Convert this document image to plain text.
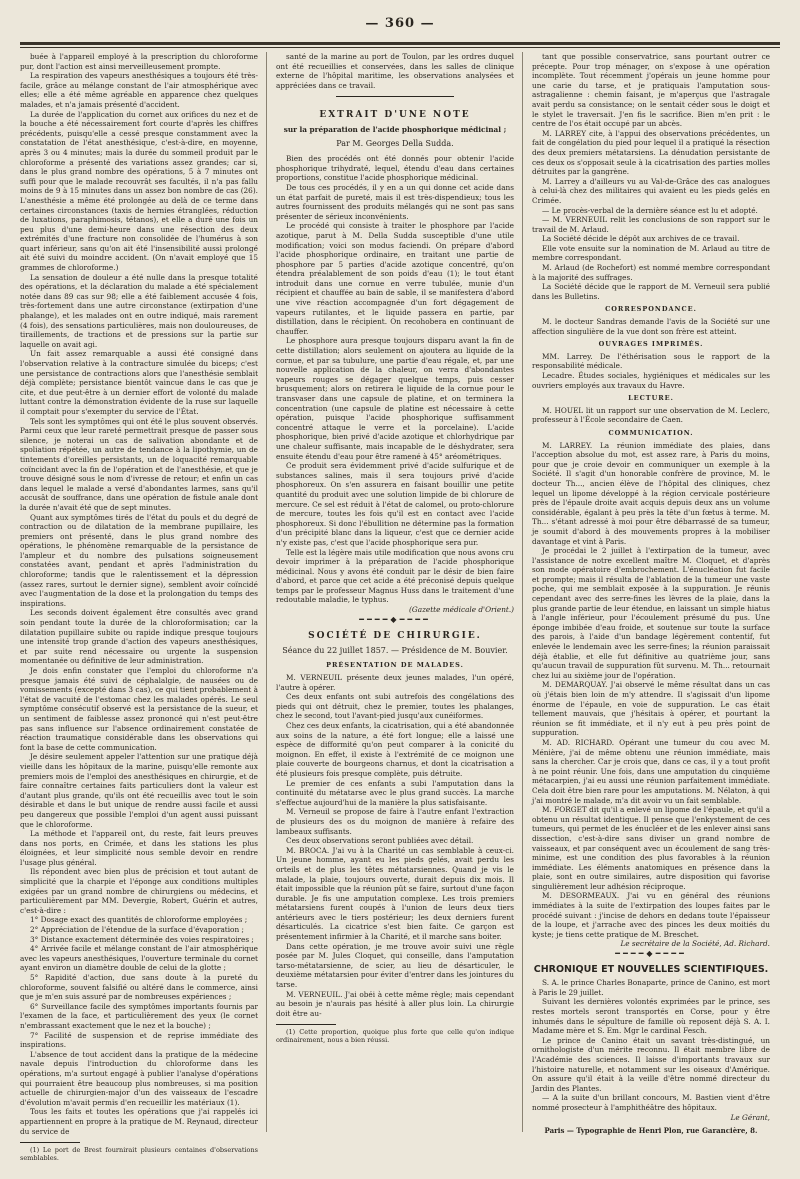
— 360 —

buée à l'appareil employé à la prescription du chloroforme pur, dont l'action est ainsi merveilleusement prompte.

La respiration des vapeurs anesthésiques a toujours été très-facile, grâce au mélange constant de l'air atmosphérique avec elles; elle a été même agréable en apparence chez quelques malades, et n'a jamais présenté d'accident.

La durée de l'application du cornet aux orifices du nez et de la bouche a été nécessairement fort courte d'après les chiffres précédents, puisqu'elle a cessé presque constamment avec la constatation de l'état anesthésique, c'est-à-dire, en moyenne, après 3 ou 4 minutes; mais la durée du sommeil produit par le chloroforme a présenté des variations assez grandes; car si, dans le plus grand nombre des opérations, 5 à 7 minutes ont suffi pour que le malade recouvrât ses facultés, il n'a pas fallu moins de 9 à 15 minutes dans un assez bon nombre de cas (26). L'anesthésie a même été prolongée au delà de ce terme dans certaines circonstances (taxis de hernies étranglées, réduction de luxations, paraphimosis, tétanos), et elle a duré une fois un peu plus d'une demi-heure dans une résection des deux extrémités d'une fracture non consolidée de l'humérus à son quart inférieur, sans qu'on ait été l'insensibilité aussi prolongé ait été suivi du moindre accident. (On n'avait employé que 15 grammes de chloroforme.)

La sensation de douleur a été nulle dans la presque totalité des opérations, et la déclaration du malade a été spécialement notée dans 89 cas sur 98; elle a été faiblement accusée 4 fois, très-fortement dans une autre circonstance (extirpation d'une phalange), et les malades ont en outre indiqué, mais rarement (4 fois), des sensations particulières, mais non douloureuses, de tiraillements, de tractions et de pressions sur la partie sur laquelle on avait agi.

Un fait assez remarquable a aussi été consigné dans l'observation relative à la contracture simulée du biceps; c'est une persistance de contractions alors que l'anesthésie semblait déjà complète; persistance bientôt vaincue dans le cas que je cite, et due peut-être à un dernier effort de volonté du malade luttant contre la démonstration évidente de la ruse sur laquelle il comptait pour s'exempter du service de l'État.

Tels sont les symptômes qui ont été le plus souvent observés. Parmi ceux que leur rareté permettrait presque de passer sous silence, je noterai un cas de salivation abondante et de spoliation répétée, un autre de tendance à la lipothymie, un de tintements d'oreilles persistants, un de loquacité remarquable coïncidant avec la fin de l'opération et de l'anesthésie, et que je trouve désigné sous le nom d'ivresse de retour; et enfin un cas dans lequel le malade a versé d'abondantes larmes, sans qu'il accusât de souffrance, dans une opération de fistule anale dont la durée n'avait été que de sept minutes.

Quant aux symptômes tirés de l'état du pouls et du degré de contraction ou de dilatation de la membrane pupillaire, les premiers ont présenté, dans le plus grand nombre des opérations, le phénomène remarquable de la persistance de l'ampleur et du nombre des pulsations soigneusement constatées avant, pendant et après l'administration du chloroforme; tandis que le ralentissement et la dépression (assez rares, surtout le dernier signe), semblent avoir coïncidé avec l'augmentation de la dose et la prolongation du temps des inspirations.

Les seconds doivent également être consultés avec grand soin pendant toute la durée de la chloroformisation; car la dilatation pupillaire subite ou rapide indique presque toujours une intensité trop grande d'action des vapeurs anesthésiques, et par suite rend nécessaire ou urgente la suspension momentanée ou définitive de leur administration.

Je dois enfin constater que l'emploi du chloroforme n'a presque jamais été suivi de céphalalgie, de nausées ou de vomissements (excepté dans 3 cas), ce qui tient probablement à l'état de vacuité de l'estomac chez les malades opérés. Le seul symptôme consécutif observé est la persistance de la sueur, et un sentiment de faiblesse assez prononcé qui n'est peut-être pas sans influence sur l'absence ordinairement constatée de réaction traumatique considérable dans les observations qui font la base de cette communication.

Je désire seulement appeler l'attention sur une pratique déjà vieille dans les hôpitaux de la marine, puisqu'elle remonte aux premiers mois de l'emploi des anesthésiques en chirurgie, et de faire connaître certaines faits particuliers dont la valeur est d'autant plus grande, qu'ils ont été recueillis avec tout le soin désirable et dans le but unique de rendre aussi facile et aussi peu dangereux que possible l'emploi d'un agent aussi puissant que le chloroforme.

La méthode et l'appareil ont, du reste, fait leurs preuves dans nos ports, en Crimée, et dans les stations les plus éloignées, et leur simplicité nous semble devoir en rendre l'usage plus général.

Ils répondent avec bien plus de précision et tout autant de simplicité que la charpie et l'éponge aux conditions multiples exigées par un grand nombre de chirurgiens ou médecins, et particulièrement par MM. Devergie, Robert, Guérin et autres, c'est-à-dire :

1° Dosage exact des quantités de chloroforme employées ;

2° Appréciation de l'étendue de la surface d'évaporation ;

3° Distance exactement déterminée des voies respiratoires ;

4° Arrivée facile et mélange constant de l'air atmosphérique avec les vapeurs anesthésiques, l'ouverture terminale du cornet ayant environ un diamètre double de celui de la glotte ;

5° Rapidité d'action, due sans doute à la pureté du chloroforme, souvent falsifié ou altéré dans le commerce, ainsi que je m'en suis assuré par de nombreuses expériences ;

6° Surveillance facile des symptômes importants fournis par l'examen de la face, et particulièrement des yeux (le cornet n'embrassant exactement que le nez et la bouche) ;

7° Facilité de suspension et de reprise immédiate des inspirations.

L'absence de tout accident dans la pratique de la médecine navale depuis l'introduction du chloroforme dans les opérations, m'a surtout engagé à publier l'analyse d'opérations qui pourraient être beaucoup plus nombreuses, si ma position actuelle de chirurgien-major d'un des vaisseaux de l'escadre d'évolution m'avait permis d'en recueillir les matériaux (1).

Tous les faits et toutes les opérations que j'ai rappelés ici appartiennent en propre à la pratique de M. Reynaud, directeur du service de

(1) Le port de Brest fournirait plusieurs centaines d'observations semblables.

santé de la marine au port de Toulon, par les ordres duquel ont été recueillies et conservées, dans les salles de clinique externe de l'hôpital maritime, les observations analysées et appréciées dans ce travail.

EXTRAIT D'UNE NOTE
sur la préparation de l'acide phosphorique médicinal ;
Par M. Georges Della Sudda.

Bien des procédés ont été donnés pour obtenir l'acide phosphorique trihydraté, lequel, étendu d'eau dans certaines proportions, constitue l'acide phosphorique médicinal.

De tous ces procédés, il y en a un qui donne cet acide dans un état parfait de pureté, mais il est très-dispendieux; tous les autres fournissent des produits mélangés qui ne sont pas sans présenter de sérieux inconvénients.

Le procédé qui consiste à traiter le phosphore par l'acide azotique, parut à M. Della Sudda susceptible d'une utile modification; voici son modus faciendi. On prépare d'abord l'acide phosphorique ordinaire, en traitant une partie de phosphore par 5 parties d'acide azotique concentré, qu'on étendra préalablement de son poids d'eau (1); le tout étant introduit dans une cornue en verre tubulée, munie d'un récipient et chauffée au bain de sable, il se manifestera d'abord une vive réaction accompagnée d'un fort dégagement de vapeurs rutilantes, et le liquide passera en partie, par distillation, dans le récipient. On recohobera en continuant de chauffer.

Le phosphore aura presque toujours disparu avant la fin de cette distillation; alors seulement on ajoutera au liquide de la cornue, et par sa tubulure, une partie d'eau régale, et, par une nouvelle application de la chaleur, on verra d'abondantes vapeurs rouges se dégager quelque temps, puis cesser brusquement; alors on retirera le liquide de la cornue pour le transvaser dans une capsule de platine, et on terminera la concentration (une capsule de platine est nécessaire à cette opération, puisque l'acide phosphorique suffisamment concentré attaque le verre et la porcelaine). L'acide phosphorique, bien privé d'acide azotique et chlorhydrique par une chaleur suffisante, mais incapable de le déshydrater, sera ensuite étendu d'eau pour être ramené à 45° aréométriques.

Ce produit sera évidemment privé d'acide sulfurique et de substances salines, mais il sera toujours privé d'acide phosphoreux. On s'en assurera en faisant bouillir une petite quantité du produit avec une solution limpide de bi chlorure de mercure. Ce sel est réduit à l'état de calomel, ou proto-chlorure de mercure, toutes les fois qu'il est en contact avec l'acide phosphoreux. Si donc l'ébullition ne détermine pas la formation d'un précipité blanc dans la liqueur, c'est que ce dernier acide n'y existe pas, c'est que l'acide phosphorique sera pur.

Telle est la légère mais utile modification que nous avons cru devoir imprimer à la préparation de l'acide phosphorique médicinal. Nous y avons été conduit par le désir de bien faire d'abord, et parce que cet acide a été préconisé depuis quelque temps par le professeur Magnus Huss dans le traitement d'une redoutable maladie, le typhus.

(Gazette médicale d'Orient.)

━━━━◆━━━━
SOCIÉTÉ DE CHIRURGIE.
Séance du 22 juillet 1857. — Présidence de M. Bouvier.
PRÉSENTATION DE MALADES.

M. VERNEUIL présente deux jeunes malades, l'un opéré, l'autre à opérer.

Ces deux enfants ont subi autrefois des congélations des pieds qui ont détruit, chez le premier, toutes les phalanges, chez le second, tout l'avant-pied jusqu'aux cunéiformes.

Chez ces deux enfants, la cicatrisation, qui a été abandonnée aux soins de la nature, a été fort longue; elle a laissé une espèce de difformité qu'on peut comparer à la conicité du moignon. En effet, il existe à l'extrémité de ce moignon une plaie couverte de bourgeons charnus, et dont la cicatrisation a été plusieurs fois presque complète, puis détruite.

Le premier de ces enfants a subi l'amputation dans la continuité du métatarse avec le plus grand succès. La marche s'effectue aujourd'hui de la manière la plus satisfaisante.

M. Verneuil se propose de faire à l'autre enfant l'extraction de plusieurs des os du moignon de manière à refaire des lambeaux suffisants.

Ces deux observations seront publiées avec détail.

M. BROCA. J'ai vu à la Charité un cas semblable à ceux-ci. Un jeune homme, ayant eu les pieds gelés, avait perdu les orteils et de plus les têtes métatarsiennes. Quand je vis le malade, la plaie, toujours ouverte, durait depuis dix mois. Il était impossible que la réunion pût se faire, surtout d'une façon durable. Je fis une amputation complexe. Les trois premiers métatarsiens furent coupés à l'union de leurs deux tiers antérieurs avec le tiers postérieur; les deux derniers furent désarticulés. La cicatrice s'est bien faite. Ce garçon est présentement infirmier à la Charité, et il marche sans boiter.

Dans cette opération, je me trouve avoir suivi une règle posée par M. Jules Cloquet, qui conseille, dans l'amputation tarso-métatarsienne, de scier, au lieu de désarticuler, le deuxième métatarsien pour éviter d'entrer dans les jointures du tarse.

M. VERNEUIL. J'ai obéi à cette même règle; mais cependant au besoin je n'aurais pas hésité à aller plus loin. La chirurgie doit être au-

(1) Cette proportion, quoique plus forte que celle qu'on indique ordinairement, nous a bien réussi.

tant que possible conservatrice, sans pourtant outrer ce précepte. Pour trop ménager, on s'expose à une opération incomplète. Tout récemment j'opérais un jeune homme pour une carie du tarse, et je pratiquais l'amputation sous-astragalienne : chemin faisant, je m'aperçus que l'astragale avait perdu sa consistance; on le sentait céder sous le doigt et le stylet le traversait. J'en fis le sacrifice. Bien m'en prit : le centre de l'os était occupé par un abcès.

M. LARREY cite, à l'appui des observations précédentes, un fait de congélation du pied pour lequel il a pratiqué la résection des deux premiers métatarsiens. La dénudation persistante de ces deux os s'opposait seule à la cicatrisation des parties molles détruites par la gangrène.

M. Larrey a d'ailleurs vu au Val-de-Grâce des cas analogues à celui-là chez des militaires qui avaient eu les pieds gelés en Crimée.

— Le procès-verbal de la dernière séance est lu et adopté.

— M. VERNEUIL relit les conclusions de son rapport sur le travail de M. Arlaud.

La Société décide le dépôt aux archives de ce travail.

Elle vote ensuite sur la nomination de M. Arlaud au titre de membre correspondant.

M. Arlaud (de Rochefort) est nommé membre correspondant à la majorité des suffrages.

La Société décide que le rapport de M. Verneuil sera publié dans les Bulletins.

CORRESPONDANCE.

M. le docteur Sandras demande l'avis de la Société sur une affection singulière de la vue dont son frère est atteint.

OUVRAGES IMPRIMÉS.

MM. Larrey. De l'éthérisation sous le rapport de la responsabilité médicale.

Lecadre. Études sociales, hygiéniques et médicales sur les ouvriers employés aux travaux du Havre.

LECTURE.

M. HOUEL lit un rapport sur une observation de M. Leclerc, professeur à l'École secondaire de Caen.

COMMUNICATION.

M. LARREY. La réunion immédiate des plaies, dans l'acception absolue du mot, est assez rare, à Paris du moins, pour que je croie devoir en communiquer un exemple à la Société. Il s'agit d'un honorable confrère de province, M. le docteur Th..., ancien élève de l'hôpital des cliniques, chez lequel un lipome développé à la région cervicale postérieure près de l'épaule droite avait acquis depuis deux ans un volume considérable, égalant à peu près la tête d'un fœtus à terme. M. Th... s'étant adressé à moi pour être débarrassé de sa tumeur, je soumit d'abord à des mouvements propres à la mobiliser davantage et vint à Paris.

Je procédai le 2 juillet à l'extirpation de la tumeur, avec l'assistance de notre excellent maître M. Cloquet, et d'après son mode opératoire d'embrochement. L'énucléation fut facile et prompte; mais il résulta de l'ablation de la tumeur une vaste poche, qui me semblait exposée à la suppuration. Je réunis cependant avec des serre-fines les lèvres de la plaie, dans la plus grande partie de leur étendue, en laissant un simple hiatus à l'angle inférieur, pour l'écoulement présumé du pus. Une éponge imbibée d'eau froide, et soutenue sur toute la surface des parois, à l'aide d'un bandage légèrement contentif, fut enlevée le lendemain avec les serre-fines; la réunion paraissait déjà établie, et elle fut définitive au quatrième jour, sans qu'aucun travail de suppuration fût survenu. M. Th... retournait chez lui au sixième jour de l'opération.

M. DEMARQUAY. J'ai observé le même résultat dans un cas où j'étais bien loin de m'y attendre. Il s'agissait d'un lipome énorme de l'épaule, en voie de suppuration. Le cas était tellement mauvais, que j'hésitais à opérer, et pourtant la réunion se fit immédiate, et il n'y eut à peu près point de suppuration.

M. AD. RICHARD. Opérant une tumeur du cou avec M. Ménière, j'ai de même obtenu une réunion immédiate, mais sans la chercher. Car je crois que, dans ce cas, il y a tout profit à ne point réunir. Une fois, dans une amputation du cinquième métacarpien, j'ai eu aussi une réunion parfaitement immédiate. Cela doit être bien rare pour les amputations. M. Nélaton, à qui j'ai montré le malade, m'a dit avoir vu un fait semblable.

M. FORGET dit qu'il a enlevé un lipome de l'épaule, et qu'il a obtenu un résultat identique. Il pense que l'enkystement de ces tumeurs, qui permet de les énucléer et de les enlever ainsi sans dissection, c'est-à-dire sans diviser un grand nombre de vaisseaux, et par conséquent avec un écoulement de sang très-minime, est une condition des plus favorables à la réunion immédiate. Les éléments anatomiques en présence dans la plaie, sont en outre similaires, autre disposition qui favorise singulièrement leur adhésion réciproque.

M. DESORMEAUX. J'ai vu en général des réunions immédiates à la suite de l'extirpation des loupes faites par le procédé suivant : j'incise de dehors en dedans toute l'épaisseur de la loupe, et j'arrache avec des pinces les deux moitiés du kyste; je tiens cette pratique de M. Breschet.

Le secrétaire de la Société, Ad. Richard.

━━━━◆━━━━
CHRONIQUE ET NOUVELLES SCIENTIFIQUES.

S. A. le prince Charles Bonaparte, prince de Canino, est mort à Paris le 29 juillet.

Suivant les dernières volontés exprimées par le prince, ses restes mortels seront transportés en Corse, pour y être inhumés dans le sépulture de famille où reposent déjà S. A. I. Madame mère et S. Em. Mgr le cardinal Fesch.

Le prince de Canino était un savant très-distingué, un ornithologiste d'un mérite reconnu. Il était membre libre de l'Académie des sciences. Il laisse d'importants travaux sur l'histoire naturelle, et notamment sur les oiseaux d'Amérique. On assure qu'il était à la veille d'être nommé directeur du Jardin des Plantes.

— A la suite d'un brillant concours, M. Bastien vient d'être nommé prosecteur à l'amphithéâtre des hôpitaux.

Le Gérant,

Paris — Typographie de Henri Plon, rue Garancière, 8.
